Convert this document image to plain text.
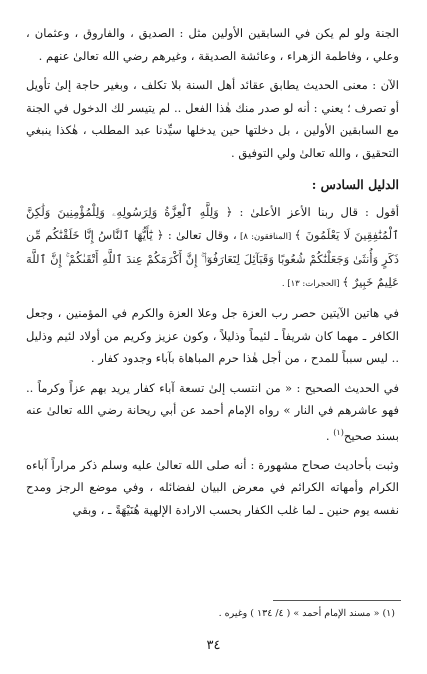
الجنة ولو لم يكن في السابقين الأولين مثل : الصديق ، والفاروق ، وعثمان ، وعلي ، وفاطمة الزهراء ، وعائشة الصديقة ، وغيرهم رضي الله تعالىٰ عنهم .

الآن : معنى الحديث يطابق عقائد أهل السنة بلا تكلف ، وبغير حاجة إلىٰ تأويل أو تصرف ؛ يعني : أنه لو صدر منك هٰذا الفعل .. لم يتيسر لك الدخول في الجنة مع السابقين الأولين ، بل دخلتها حين يدخلها سيِّدنا عبد المطلب ، هٰكذا ينبغي التحقيق ، والله تعالىٰ ولي التوفيق .

الدليل السادس :

أقول : قال ربنا الأعز الأعلىٰ : ﴿ وَلِلَّهِ ٱلْعِزَّةُ وَلِرَسُولِهِۦ وَلِلْمُؤْمِنِينَ وَلَٰكِنَّ ٱلْمُنَٰفِقِينَ لَا يَعْلَمُونَ ﴾ [المنافقون: ٨] ، وقال تعالىٰ : ﴿ يَٰٓأَيُّهَا ٱلنَّاسُ إِنَّا خَلَقْنَٰكُم مِّن ذَكَرٍ وَأُنثَىٰ وَجَعَلْنَٰكُمْ شُعُوبًا وَقَبَآئِلَ لِتَعَارَفُوٓا۟ ۚ إِنَّ أَكْرَمَكُمْ عِندَ ٱللَّهِ أَتْقَىٰكُمْ ۚ إِنَّ ٱللَّهَ عَلِيمٌ خَبِيرٌ ﴾ [الحجرات: ١٣] .

في هاتين الآيتين حصر رب العزة جل وعلا العزة والكرم في المؤمنين ، وجعل الكافر ـ مهما كان شريفاً ـ لئيماً وذليلاً ، وكون عزيز وكريم من أولاد لئيم وذليل .. ليس سبباً للمدح ، من أجل هٰذا حرم المباهاة بآباء وجدود كفار .

في الحديث الصحيح : « من انتسب إلىٰ تسعة آباء كفار يريد بهم عزاً وكرماً .. فهو عاشرهم في النار » رواه الإمام أحمد عن أبي ريحانة رضي الله تعالىٰ عنه بسند صحيح$^{(١)}$ .

وثبت بأحاديث صحاح مشهورة : أنه صلى الله تعالىٰ عليه وسلم ذكر مراراً آباءه الكرام وأمهاته الكرائم في معرض البيان لفضائله ، وفي موضع الرجز ومدح نفسه يوم حنين ـ لما غلب الكفار بحسب الارادة الإلهية هُنَيْهَةً ـ ، وبقي

(١) « مسند الإمام أحمد » ( ٤/ ١٣٤ ) وغيره .

٣٤
